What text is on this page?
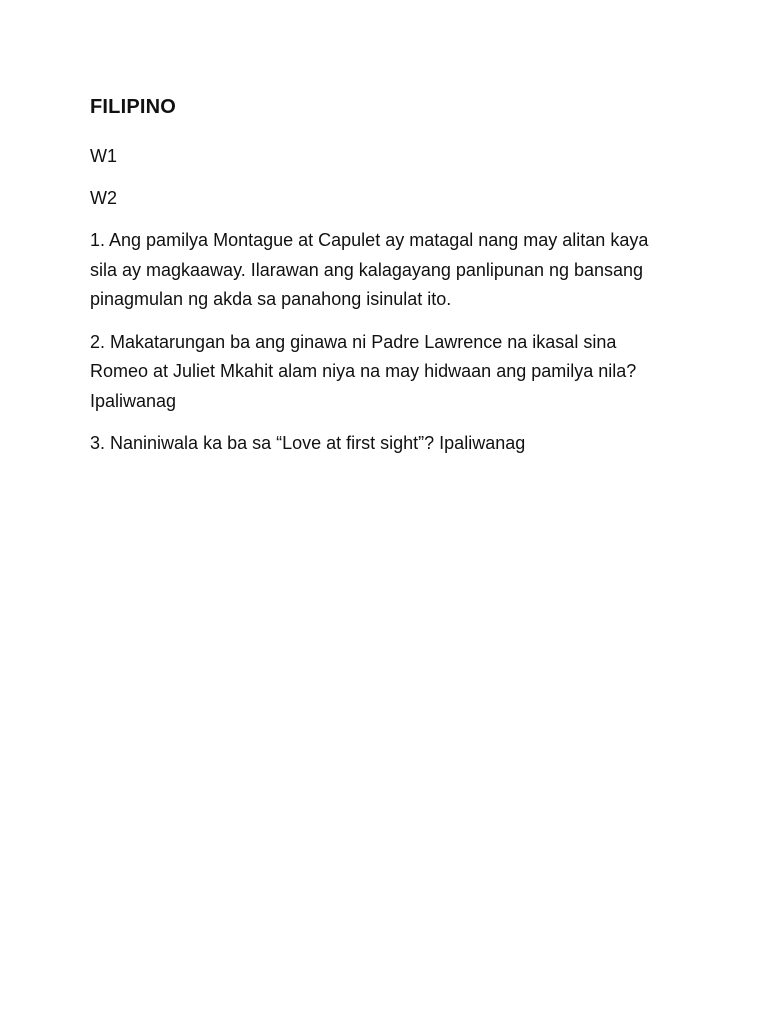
FILIPINO
W1
W2
1. Ang pamilya Montague at Capulet ay matagal nang may alitan kaya sila ay magkaaway. Ilarawan ang kalagayang panlipunan ng bansang pinagmulan ng akda sa panahong isinulat ito.
2. Makatarungan ba ang ginawa ni Padre Lawrence na ikasal sina Romeo at Juliet Mkahit alam niya na may hidwaan ang pamilya nila? Ipaliwanag
3. Naniniwala ka ba sa “Love at first sight”? Ipaliwanag
